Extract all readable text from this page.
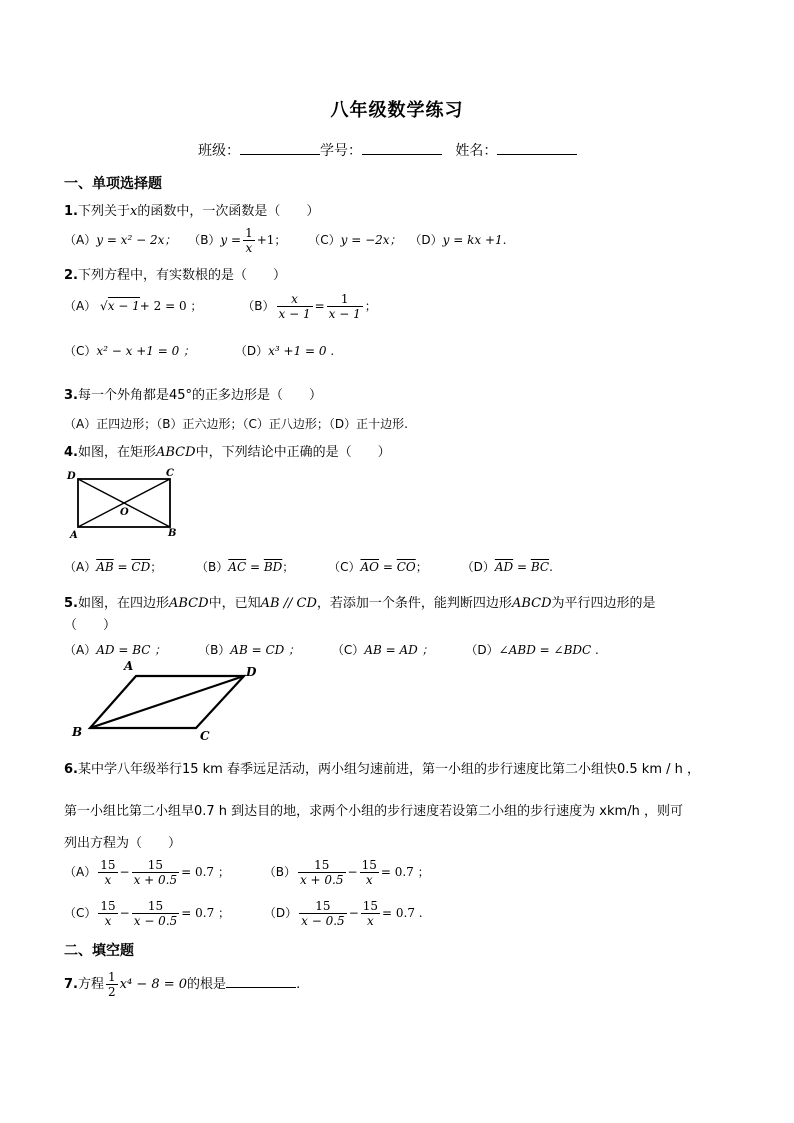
八年级数学练习
班级：	学号：	姓名：
一、单项选择题
1.下列关于x的函数中，一次函数是（　　）
（A）y = x² − 2x； $(B)y = \frac{1}{x} +1$； （C）y = −2x； （D）y = kx +1.
2.下列方程中，有实数根的是（　　）
（A） √x − 1+ 2 = 0 ；	$(B) \frac{x}{x - 1} = \frac{1}{x - 1}$ ；
（C）x² − x +1 = 0 ；	（D）x³ +1 = 0 .
3.每一个外角都是45°的正多边形是（　　）
（A）正四边形；（B）正六边形；（C）正八边形；（D）正十边形.
4.如图，在矩形ABCD中，下列结论中正确的是（　　）
D	C
O
A	B
$(A)\overline{AB} = \overline{CD}$；	$(B)\overline{AC} = \overline{BD}$；	$(C)\overline{AO} = \overline{CO}$；	$(D)\overline{AD} = \overline{BC}$.
5.如图，在四边形ABCD中，已知AB // CD，若添加一个条件，能判断四边形ABCD为平行四边形的是
（　　）
（A）AD = BC ；	（B）AB = CD ；	（C）AB = AD ；	（D）∠ABD = ∠BDC .
A	D
B	C
6.某中学八年级举行15 km 春季远足活动，两小组匀速前进，第一小组的步行速度比第二小组快0.5 km / h ，
第一小组比第二小组早0.7 h 到达目的地，求两个小组的步行速度若设第二小组的步行速度为 xkm/h ，则可
列出方程为（　　）
$(A) \frac{15}{x} - \frac{15}{x + 0.5} = 0.7$ ；	$(B) \frac{15}{x + 0.5} - \frac{15}{x} = 0.7$ ；
$(C) \frac{15}{x} - \frac{15}{x - 0.5} = 0.7$ ；	$(D) \frac{15}{x - 0.5} - \frac{15}{x} = 0.7$ .
二、填空题
7.方程 $\frac{1}{2} x^4 - 8 = 0$的根是	.
